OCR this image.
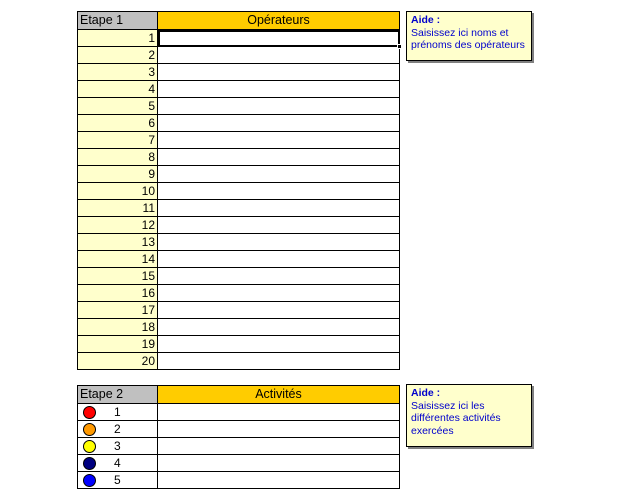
Etape 1	Opérateurs
1	

2	
3	
4	
5	
6	
7	
8	
9	
10	
11	
12	
13	
14	
15	
16	
17	
18	
19	
20	
Aide :
Saisissez ici noms et prénoms des opérateurs
Etape 2	Activités

1	

2	

3	

4	

5	

Aide :
Saisissez ici les différentes activités exercées
